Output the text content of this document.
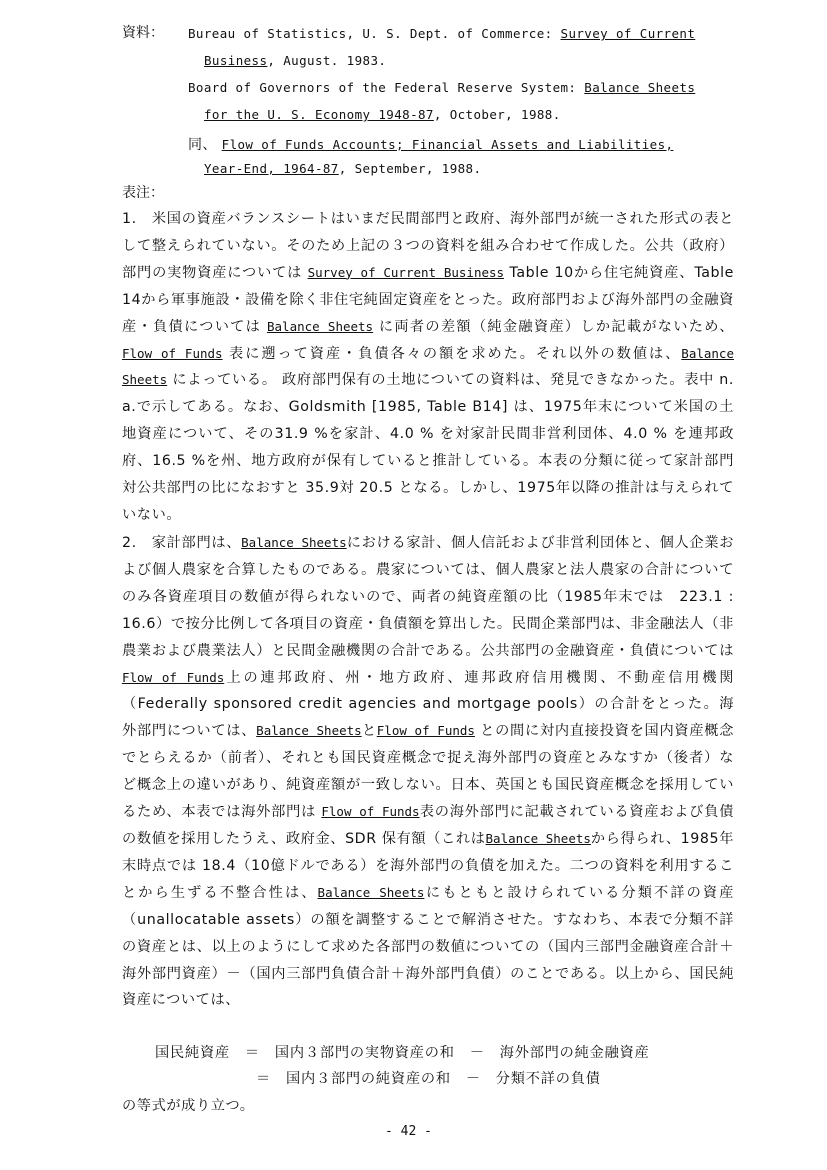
資料： Bureau of Statistics, U. S. Dept. of Commerce: Survey of Current
Business, August. 1983.
Board of Governors of the Federal Reserve System: Balance Sheets
for the U. S. Economy 1948-87, October, 1988.
同、 Flow of Funds Accounts; Financial Assets and Liabilities,
Year-End, 1964-87, September, 1988.
表注：

1.　米国の資産バランスシートはいまだ民間部門と政府、海外部門が統一された形式の表として整えられていない。そのため上記の３つの資料を組み合わせて作成した。公共（政府）部門の実物資産については Survey of Current Business Table 10から住宅純資産、Table 14から軍事施設・設備を除く非住宅純固定資産をとった。政府部門および海外部門の金融資産・負債については Balance Sheets に両者の差額（純金融資産）しか記載がないため、Flow of Funds 表に遡って資産・負債各々の額を求めた。それ以外の数値は、Balance Sheets によっている。 政府部門保有の土地についての資料は、発見できなかった。表中 n. a.で示してある。なお、Goldsmith [1985, Table B14] は、1975年末について米国の土地資産について、その31.9 %を家計、4.0 % を対家計民間非営利団体、4.0 % を連邦政府、16.5 %を州、地方政府が保有していると推計している。本表の分類に従って家計部門対公共部門の比になおすと 35.9対 20.5 となる。しかし、1975年以降の推計は与えられていない。

2.　家計部門は、Balance Sheetsにおける家計、個人信託および非営利団体と、個人企業および個人農家を合算したものである。農家については、個人農家と法人農家の合計についてのみ各資産項目の数値が得られないので、両者の純資産額の比（1985年末では　223.1 : 16.6）で按分比例して各項目の資産・負債額を算出した。民間企業部門は、非金融法人（非農業および農業法人）と民間金融機関の合計である。公共部門の金融資産・負債については Flow of Funds上の連邦政府、州・地方政府、連邦政府信用機関、不動産信用機関（Federally sponsored credit agencies and mortgage pools）の合計をとった。海外部門については、Balance SheetsとFlow of Funds との間に対内直接投資を国内資産概念でとらえるか（前者）、それとも国民資産概念で捉え海外部門の資産とみなすか（後者）など概念上の違いがあり、純資産額が一致しない。日本、英国とも国民資産概念を採用しているため、本表では海外部門は Flow of Funds表の海外部門に記載されている資産および負債の数値を採用したうえ、政府金、SDR 保有額（これはBalance Sheetsから得られ、1985年末時点では 18.4（10億ドルである）を海外部門の負債を加えた。二つの資料を利用することから生ずる不整合性は、Balance Sheetsにもともと設けられている分類不詳の資産（unallocatable assets）の額を調整することで解消させた。すなわち、本表で分類不詳の資産とは、以上のようにして求めた各部門の数値についての（国内三部門金融資産合計＋海外部門資産）－（国内三部門負債合計＋海外部門負債）のことである。以上から、国民純資産については、

国民純資産　＝　国内３部門の実物資産の和　－　海外部門の純金融資産
＝　国内３部門の純資産の和　－　分類不詳の負債
の等式が成り立つ。
- 42 -
